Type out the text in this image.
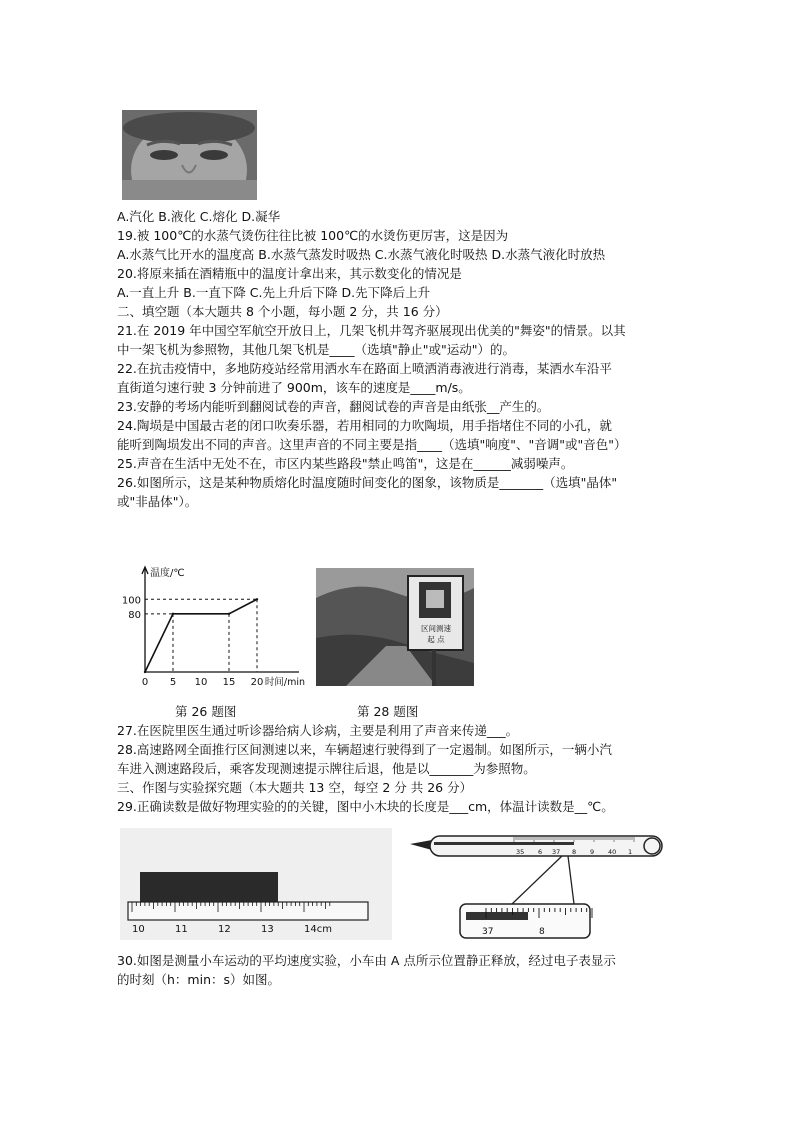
A.汽化 B.液化 C.熔化 D.凝华
19.被 100℃的水蒸气烫伤往往比被 100℃的水烫伤更厉害，这是因为
A.水蒸气比开水的温度高 B.水蒸气蒸发时吸热 C.水蒸气液化时吸热 D.水蒸气液化时放热
20.将原来插在酒精瓶中的温度计拿出来，其示数变化的情况是
A.一直上升 B.一直下降 C.先上升后下降 D.先下降后上升
二、填空题（本大题共 8 个小题，每小题 2 分，共 16 分）
21.在 2019 年中国空军航空开放日上，几架飞机井驾齐驱展现出优美的"舞姿"的情景。以其
中一架飞机为参照物，其他几架飞机是____（选填"静止"或"运动"）的。
22.在抗击疫情中，多地防疫站经常用洒水车在路面上喷洒消毒液进行消毒，某洒水车沿平
直街道匀速行驶 3 分钟前进了 900m，该车的速度是____m/s。
23.安静的考场内能听到翻阅试卷的声音，翻阅试卷的声音是由纸张__产生的。
24.陶埙是中国最古老的闭口吹奏乐器，若用相同的力吹陶埙，用手指堵住不同的小孔，就
能听到陶埙发出不同的声音。这里声音的不同主要是指____（选填"响度"、"音调"或"音色"）
25.声音在生活中无处不在，市区内某些路段"禁止鸣笛"，这是在______减弱噪声。
26.如图所示，这是某种物质熔化时温度随时间变化的图象，该物质是_______（选填"晶体"
或"非晶体"）。
0 5 10 15 20
80
100
温度/℃
时间/min
区间测速
起 点
第 26 题图	第 28 题图
27.在医院里医生通过听诊器给病人诊病，主要是利用了声音来传递___。
28.高速路网全面推行区间测速以来，车辆超速行驶得到了一定遏制。如图所示，一辆小汽
车进入测速路段后，乘客发现测速提示牌往后退，他是以_______为参照物。
三、作图与实验探究题（本大题共 13 空，每空 2 分 共 26 分）
29.正确读数是做好物理实验的的关键，图中小木块的长度是___cm，体温计读数是__℃。
10	11	12	13	14cm
35 6 37 8 9 40 1
37	8
30.如图是测量小车运动的平均速度实验，小车由 A 点所示位置静正释放，经过电子表显示
的时刻（h：min：s）如图。
